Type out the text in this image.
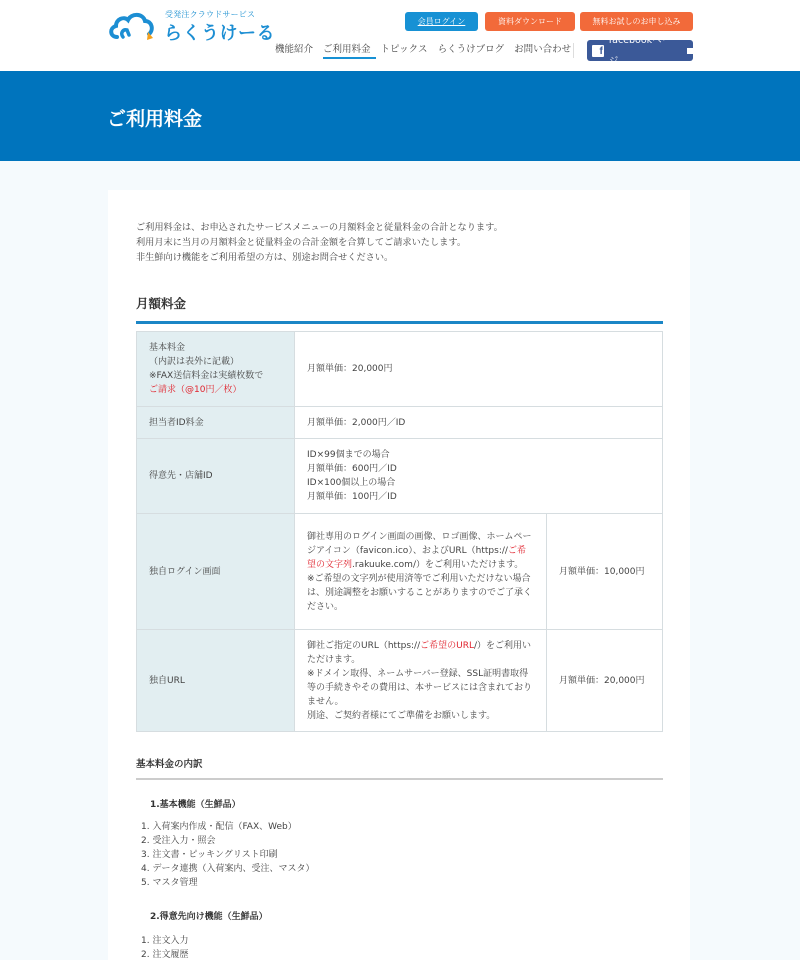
受発注クラウドサービス
らくうけーる
会員ログイン	資料ダウンロード	無料お試しのお申し込み
機能紹介	ご利用料金	トピックス	らくうけブログ	お問い合わせ	f
facebookページ
ご利用料金

ご利用料金は、お申込されたサービスメニューの月額料金と従量料金の合計となります。

利用月末に当月の月額料金と従量料金の合計金額を合算してご請求いたします。

非生鮮向け機能をご利用希望の方は、別途お問合せください。

月額料金
基本料金
（内訳は表外に記載）
※FAX送信料金は実績枚数で
ご請求（@10円／枚）	月額単価：20,000円	
担当者ID料金	月額単価：2,000円／ID	
得意先・店舗ID	ID×99個までの場合
月額単価：600円／ID
ID×100個以上の場合
月額単価：100円／ID	

独自ログイン画面	御社専用のログイン画面の画像、ロゴ画像、ホームページアイコン（favicon.ico）、およびURL（https://ご希望の文字列.rakuuke.com/）をご利用いただけます。
※ご希望の文字列が使用済等でご利用いただけない場合は、別途調整をお願いすることがありますのでご了承ください。	月額単価：10,000円
独自URL	御社ご指定のURL（https://ご希望のURL/）をご利用いただけます。
※ドメイン取得、ネームサーバー登録、SSL証明書取得等の手続きやその費用は、本サービスには含まれておりません。
別途、ご契約者様にてご準備をお願いします。	月額単価：20,000円
基本料金の内訳
1.基本機能（生鮮品）
1. 入荷案内作成・配信（FAX、Web）
2. 受注入力・照会
3. 注文書・ピッキングリスト印刷
4. データ連携（入荷案内、受注、マスタ）
5. マスタ管理
2.得意先向け機能（生鮮品）
1. 注文入力
2. 注文履歴
